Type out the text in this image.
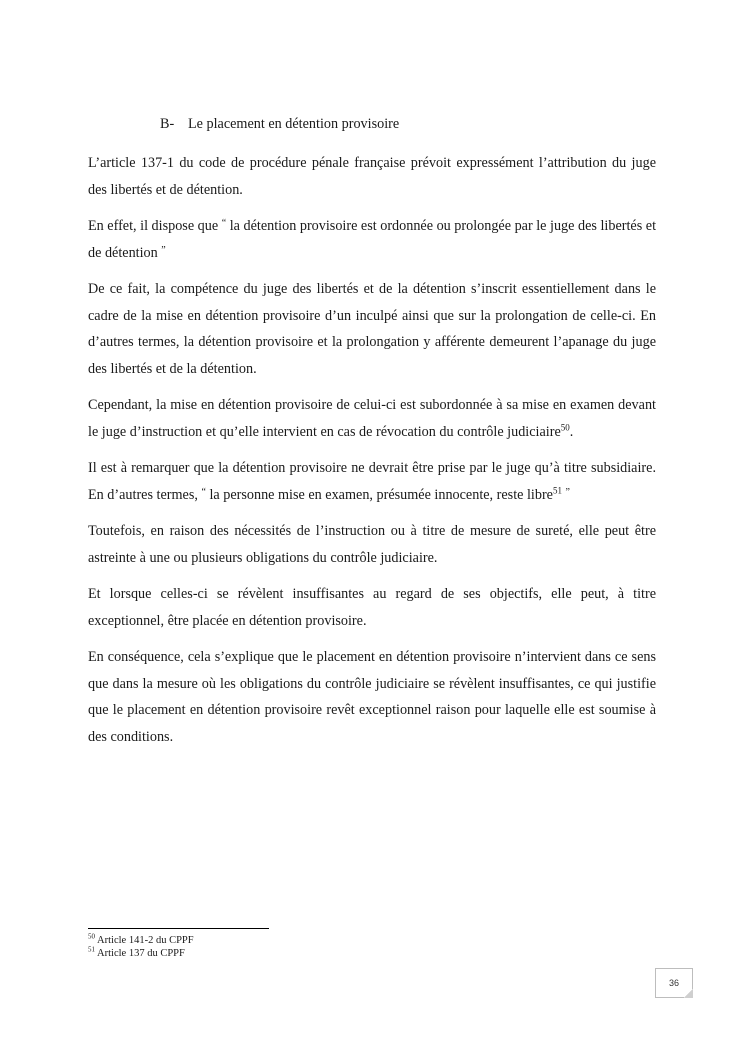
B- Le placement en détention provisoire

L’article 137-1 du code de procédure pénale française prévoit expressément l’attribution du juge des libertés et de détention.

En effet, il dispose que “ la détention provisoire est ordonnée ou prolongée par le juge des libertés et de détention ”

De ce fait, la compétence du juge des libertés et de la détention s’inscrit essentiellement dans le cadre de la mise en détention provisoire d’un inculpé ainsi que sur la prolongation de celle-ci. En d’autres termes, la détention provisoire et la prolongation y afférente demeurent l’apanage du juge des libertés et de la détention.

Cependant, la mise en détention provisoire de celui-ci est subordonnée à sa mise en examen devant le juge d’instruction et qu’elle intervient en cas de révocation du contrôle judiciaire$^{50}$.

Il est à remarquer que la détention provisoire ne devrait être prise par le juge qu’à titre subsidiaire. En d’autres termes, “ la personne mise en examen, présumée innocente, reste libre$^{51}$ ”

Toutefois, en raison des nécessités de l’instruction ou à titre de mesure de sureté, elle peut être astreinte à une ou plusieurs obligations du contrôle judiciaire.

Et lorsque celles-ci se révèlent insuffisantes au regard de ses objectifs, elle peut, à titre exceptionnel, être placée en détention provisoire.

En conséquence, cela s’explique que le placement en détention provisoire n’intervient dans ce sens que dans la mesure où les obligations du contrôle judiciaire se révèlent insuffisantes, ce qui justifie que le placement en détention provisoire revêt exceptionnel raison pour laquelle elle est soumise à des conditions.

$^{50}$ Article 141-2 du CPPF
$^{51}$ Article 137 du CPPF
36
